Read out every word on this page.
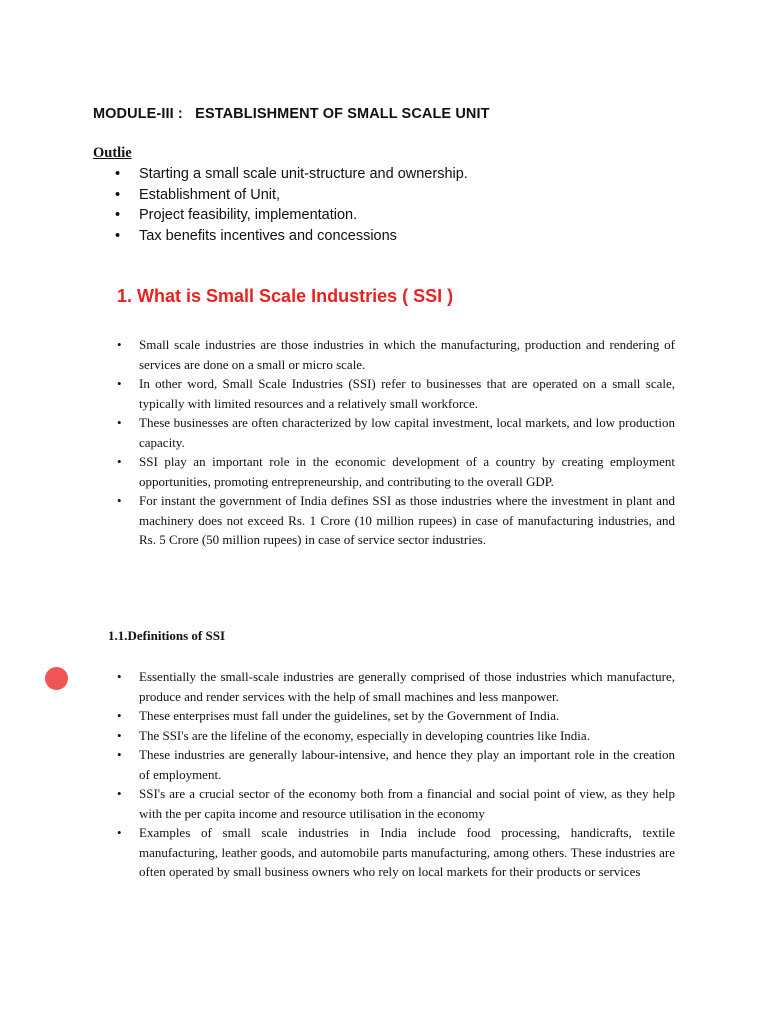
MODULE-III :   ESTABLISHMENT OF SMALL SCALE UNIT
Outlie
• Starting a small scale unit-structure and ownership.
• Establishment of Unit,
• Project feasibility, implementation.
• Tax benefits incentives and concessions
1. What is Small Scale Industries ( SSI )
• Small scale industries are those industries in which the manufacturing, production and rendering of services are done on a small or micro scale.
• In other word, Small Scale Industries (SSI) refer to businesses that are operated on a small scale, typically with limited resources and a relatively small workforce.
• These businesses are often characterized by low capital investment, local markets, and low production capacity.
• SSI play an important role in the economic development of a country by creating employment opportunities, promoting entrepreneurship, and contributing to the overall GDP.
• For instant the government of India defines SSI as those industries where the investment in plant and machinery does not exceed Rs. 1 Crore (10 million rupees) in case of manufacturing industries, and Rs. 5 Crore (50 million rupees) in case of service sector industries.
1.1.Definitions of SSI
• Essentially the small-scale industries are generally comprised of those industries which manufacture, produce and render services with the help of small machines and less manpower.
• These enterprises must fall under the guidelines, set by the Government of India.
• The SSI's are the lifeline of the economy, especially in developing countries like India.
• These industries are generally labour-intensive, and hence they play an important role in the creation of employment.
• SSI's are a crucial sector of the economy both from a financial and social point of view, as they help with the per capita income and resource utilisation in the economy
• Examples of small scale industries in India include food processing, handicrafts, textile manufacturing, leather goods, and automobile parts manufacturing, among others. These industries are often operated by small business owners who rely on local markets for their products or services
